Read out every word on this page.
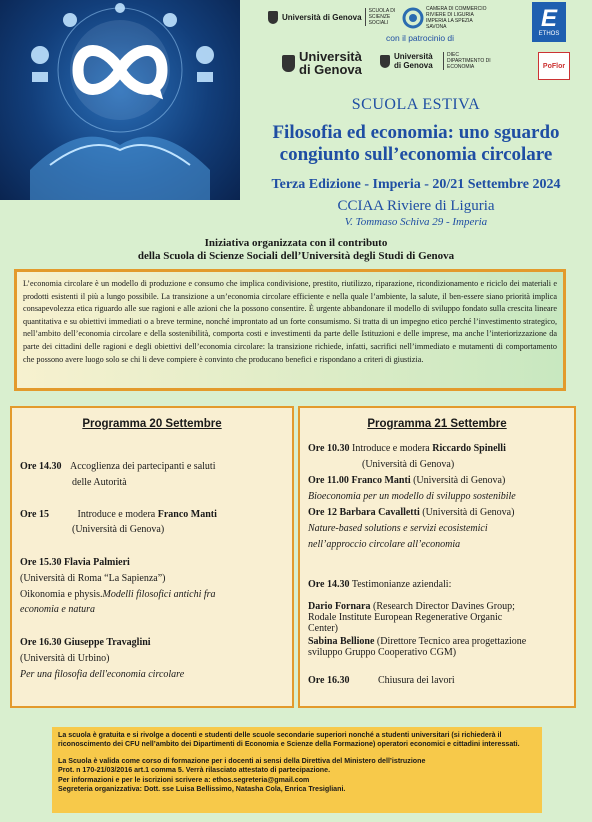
Università di Genova
SCUOLA DI SCIENZE SOCIALI
CAMERA DI COMMERCIO RIVIERE DI LIGURIA IMPERIA LA SPEZIA SAVONA	E
ETHOS
con il patrocinio di
Università di Genova
Università di Genova
DIEC DIPARTIMENTO DI ECONOMIA	PoFlor
SCUOLA ESTIVA
Filosofia ed economia: uno sguardo
congiunto sull’economia circolare
Terza Edizione - Imperia - 20/21 Settembre 2024
CCIAA Riviere di Liguria
V. Tommaso Schiva 29 - Imperia
Iniziativa organizzata con il contributo
della Scuola di Scienze Sociali dell’Università degli Studi di Genova
L’economia circolare è un modello di produzione e consumo che implica condivisione, prestito, riutilizzo, riparazione, ricondizionamento e riciclo dei materiali e prodotti esistenti il più a lungo possibile. La transizione a un’economia circolare efficiente e nella quale l’ambiente, la salute, il ben-essere siano priorità implica consapevolezza etica riguardo alle sue ragioni e alle azioni che la possono consentire. È urgente abbandonare il modello di sviluppo fondato sulla crescita lineare quantitativa e su obiettivi immediati o a breve termine, nonché improntato ad un forte consumismo. Si tratta di un impegno etico perché l’investimento strategico, nell’ambito dell’economia circolare e della sostenibilità, comporta costi e investimenti da parte delle Istituzioni e delle imprese, ma anche l’interiorizzazione da parte dei cittadini delle ragioni e degli obiettivi dell’economia circolare: la transizione richiede, infatti, sacrifici nell’immediato e mutamenti di comportamento che possono avere luogo solo se chi li deve compiere è convinto che producano benefici e rispondano a criteri di giustizia.
Programma 20 Settembre
Ore 14.30 Accoglienza dei partecipanti e saluti
delle Autorità
Ore 15	Introduce e modera Franco Manti
(Università di Genova)
Ore 15.30 Flavia Palmieri
(Università di Roma “La Sapienza”)
Oikonomia e physis.Modelli filosofici antichi fra
economia e natura
Ore 16.30 Giuseppe Travaglini
(Università di Urbino)
Per una filosofia dell'economia circolare
Programma 21 Settembre
Ore 10.30 Introduce e modera Riccardo Spinelli
(Università di Genova)
Ore 11.00 Franco Manti (Università di Genova)
Bioeconomia per un modello di sviluppo sostenibile
Ore 12 Barbara Cavalletti (Università di Genova)
Nature-based solutions e servizi ecosistemici
nell’approccio circolare all’economia
Ore 14.30 Testimonianze aziendali:
Dario Fornara (Research Director Davines Group;
Rodale Institute European Regenerative Organic
Center)
Sabina Bellione (Direttore Tecnico area progettazione
sviluppo Gruppo Cooperativo CGM)
Ore 16.30	Chiusura dei lavori

La scuola è gratuita e si rivolge a docenti e studenti delle scuole secondarie superiori nonché a studenti universitari (si richiederà il riconoscimento dei CFU nell’ambito dei Dipartimenti di Economia e Scienze della Formazione) operatori economici e cittadini interessati.

La Scuola è valida come corso di formazione per i docenti ai sensi della Direttiva del Ministero dell’istruzione

Prot. n 170-21/03/2016 art.1 comma 5. Verrà rilasciato attestato di partecipazione.

Per informazioni e per le iscrizioni scrivere a: ethos.segreteria@gmail.com

Segreteria organizzativa: Dott. sse Luisa Bellissimo, Natasha Cola, Enrica Tresigliani.
